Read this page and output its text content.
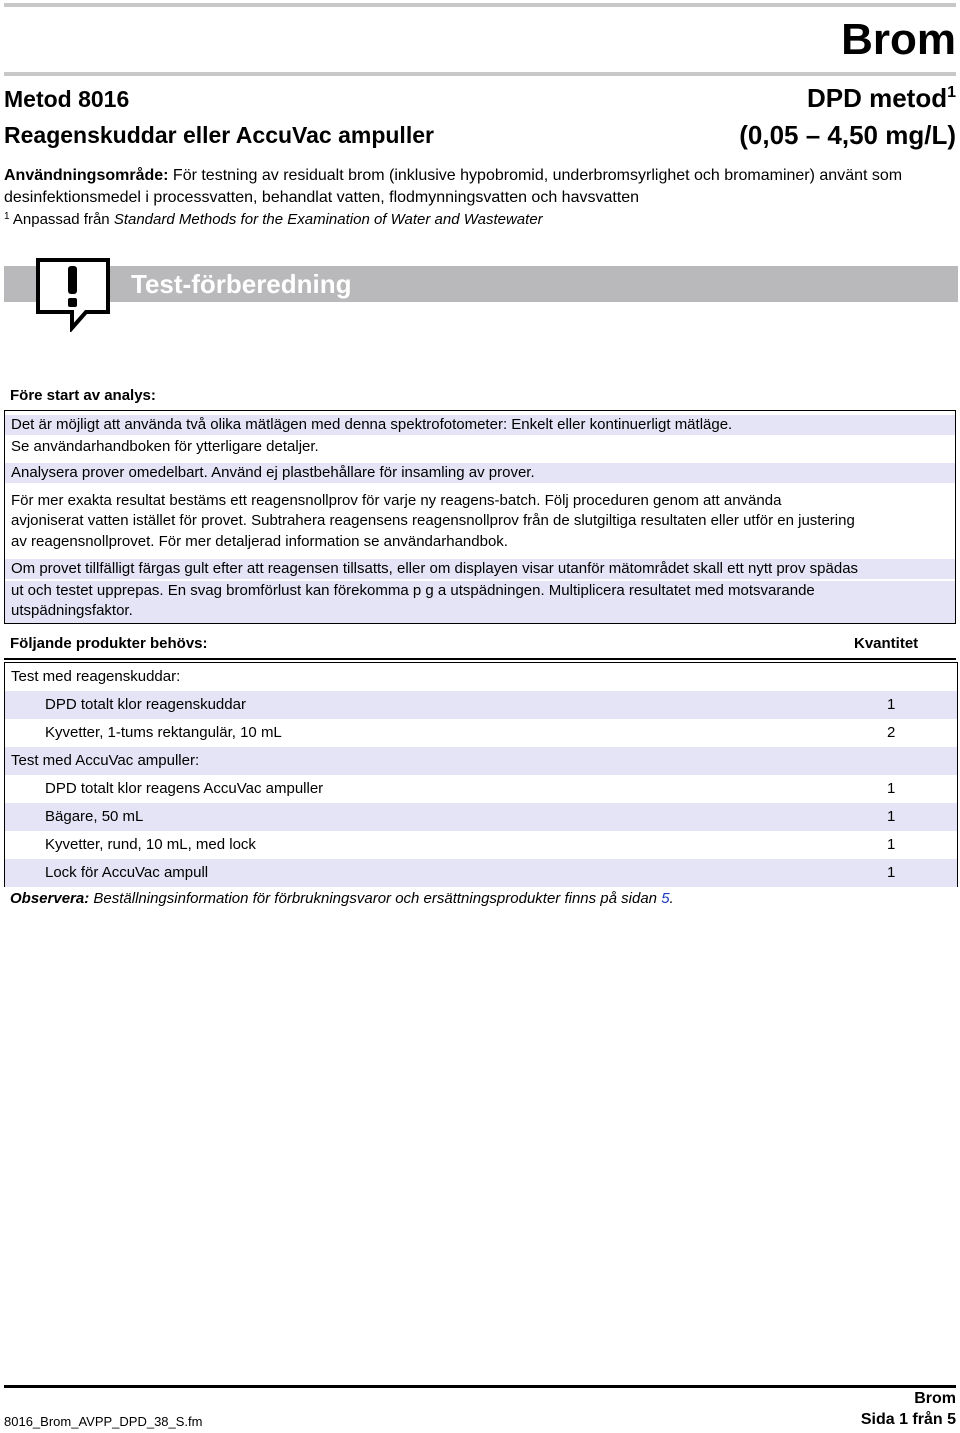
Brom
Metod 8016	DPD metod$^1$
Reagenskuddar eller AccuVac ampuller	(0,05 – 4,50 mg/L)
Användningsområde: För testning av residualt brom (inklusive hypobromid, underbromsyrlighet och bromaminer) använt som desinfektionsmedel i processvatten, behandlat vatten, flodmynningsvatten och havsvatten
$^1$ Anpassad från Standard Methods for the Examination of Water and Wastewater
Test-förberedning
Före start av analys:
Det är möjligt att använda två olika mätlägen med denna spektrofotometer: Enkelt eller kontinuerligt mätläge.
Se användarhandboken för ytterligare detaljer.
Analysera prover omedelbart. Använd ej plastbehållare för insamling av prover.
För mer exakta resultat bestäms ett reagensnollprov för varje ny reagens-batch. Följ proceduren genom att använda
avjoniserat vatten istället för provet. Subtrahera reagensens reagensnollprov från de slutgiltiga resultaten eller utför en justering
av reagensnollprovet. För mer detaljerad information se användarhandbok.
Om provet tillfälligt färgas gult efter att reagensen tillsatts, eller om displayen visar utanför mätområdet skall ett nytt prov spädas
ut och testet upprepas. En svag bromförlust kan förekomma p g a utspädningen. Multiplicera resultatet med motsvarande
utspädningsfaktor.
Följande produkter behövs:	Kvantitet
Test med reagenskuddar:
DPD totalt klor reagenskuddar	1
Kyvetter, 1-tums rektangulär, 10 mL	2
Test med AccuVac ampuller:
DPD totalt klor reagens AccuVac ampuller	1
Bägare, 50 mL	1
Kyvetter, rund, 10 mL, med lock	1
Lock för AccuVac ampull	1
Observera: Beställningsinformation för förbrukningsvaror och ersättningsprodukter finns på sidan 5.
8016_Brom_AVPP_DPD_38_S.fm
Brom
Sida 1 från 5
